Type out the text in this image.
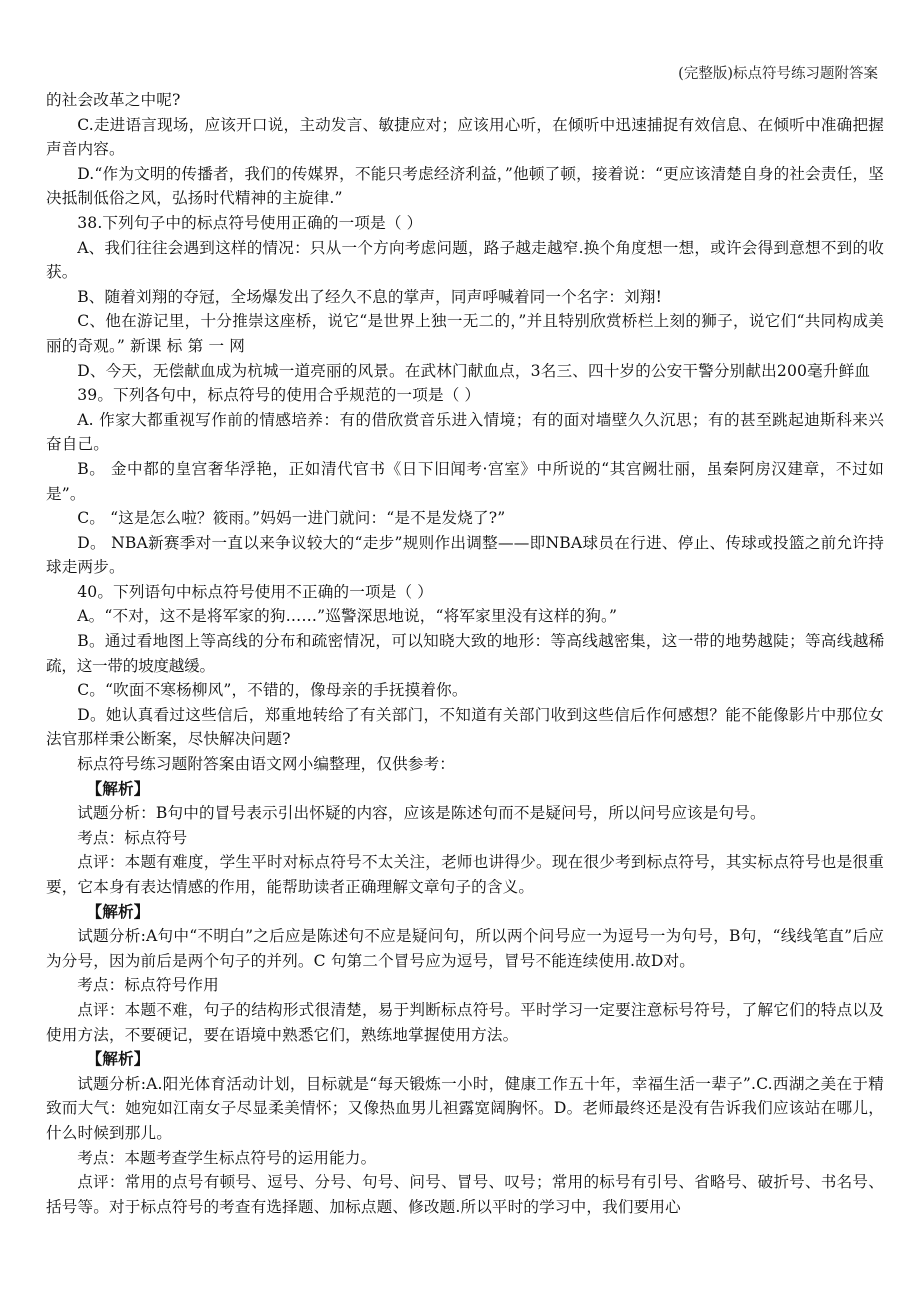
(完整版)标点符号练习题附答案

的社会改革之中呢?

C.走进语言现场，应该开口说，主动发言、敏捷应对；应该用心听，在倾听中迅速捕捉有效信息、在倾听中准确把握声音内容。

D.“作为文明的传播者，我们的传媒界，不能只考虑经济利益，”他顿了顿，接着说：“更应该清楚自身的社会责任，坚决抵制低俗之风，弘扬时代精神的主旋律.”

38.下列句子中的标点符号使用正确的一项是（ ）

A、我们往往会遇到这样的情况：只从一个方向考虑问题，路子越走越窄.换个角度想一想，或许会得到意想不到的收获。

B、随着刘翔的夺冠，全场爆发出了经久不息的掌声，同声呼喊着同一个名字：刘翔!

C、他在游记里，十分推崇这座桥，说它“是世界上独一无二的，”并且特别欣赏桥栏上刻的狮子，说它们“共同构成美丽的奇观。” 新课 标 第 一 网

D、今天，无偿献血成为杭城一道亮丽的风景。在武林门献血点，3名三、四十岁的公安干警分别献出200毫升鲜血

39。下列各句中，标点符号的使用合乎规范的一项是（ ）

A. 作家大都重视写作前的情感培养：有的借欣赏音乐进入情境；有的面对墙壁久久沉思；有的甚至跳起迪斯科来兴奋自己。

B。 金中都的皇宫奢华浮艳，正如清代官书《日下旧闻考·宫室》中所说的“其宫阙壮丽，虽秦阿房汉建章，不过如是”。

C。 “这是怎么啦？筱雨。”妈妈一进门就问：“是不是发烧了?”

D。 NBA新赛季对一直以来争议较大的“走步”规则作出调整——即NBA球员在行进、停止、传球或投篮之前允许持球走两步。

40。下列语句中标点符号使用不正确的一项是（ ）

A。“不对，这不是将军家的狗……”巡警深思地说，“将军家里没有这样的狗。”

B。通过看地图上等高线的分布和疏密情况，可以知晓大致的地形：等高线越密集，这一带的地势越陡；等高线越稀疏，这一带的坡度越缓。

C。“吹面不寒杨柳风”，不错的，像母亲的手抚摸着你。

D。她认真看过这些信后，郑重地转给了有关部门，不知道有关部门收到这些信后作何感想？能不能像影片中那位女法官那样秉公断案，尽快解决问题?

标点符号练习题附答案由语文网小编整理，仅供参考：

【解析】

试题分析：B句中的冒号表示引出怀疑的内容，应该是陈述句而不是疑问号，所以问号应该是句号。

考点：标点符号

点评：本题有难度，学生平时对标点符号不太关注，老师也讲得少。现在很少考到标点符号，其实标点符号也是很重要，它本身有表达情感的作用，能帮助读者正确理解文章句子的含义。

【解析】

试题分析:A句中“不明白”之后应是陈述句不应是疑问句，所以两个问号应一为逗号一为句号，B句，“线线笔直”后应为分号，因为前后是两个句子的并列。C 句第二个冒号应为逗号，冒号不能连续使用.故D对。

考点：标点符号作用

点评：本题不难，句子的结构形式很清楚，易于判断标点符号。平时学习一定要注意标号符号，了解它们的特点以及使用方法，不要硬记，要在语境中熟悉它们，熟练地掌握使用方法。

【解析】

试题分析:A.阳光体育活动计划，目标就是“每天锻炼一小时，健康工作五十年，幸福生活一辈子”.C.西湖之美在于精致而大气：她宛如江南女子尽显柔美情怀；又像热血男儿袒露宽阔胸怀。D。老师最终还是没有告诉我们应该站在哪儿，什么时候到那儿。

考点：本题考查学生标点符号的运用能力。

点评：常用的点号有顿号、逗号、分号、句号、问号、冒号、叹号；常用的标号有引号、省略号、破折号、书名号、括号等。对于标点符号的考查有选择题、加标点题、修改题.所以平时的学习中，我们要用心
